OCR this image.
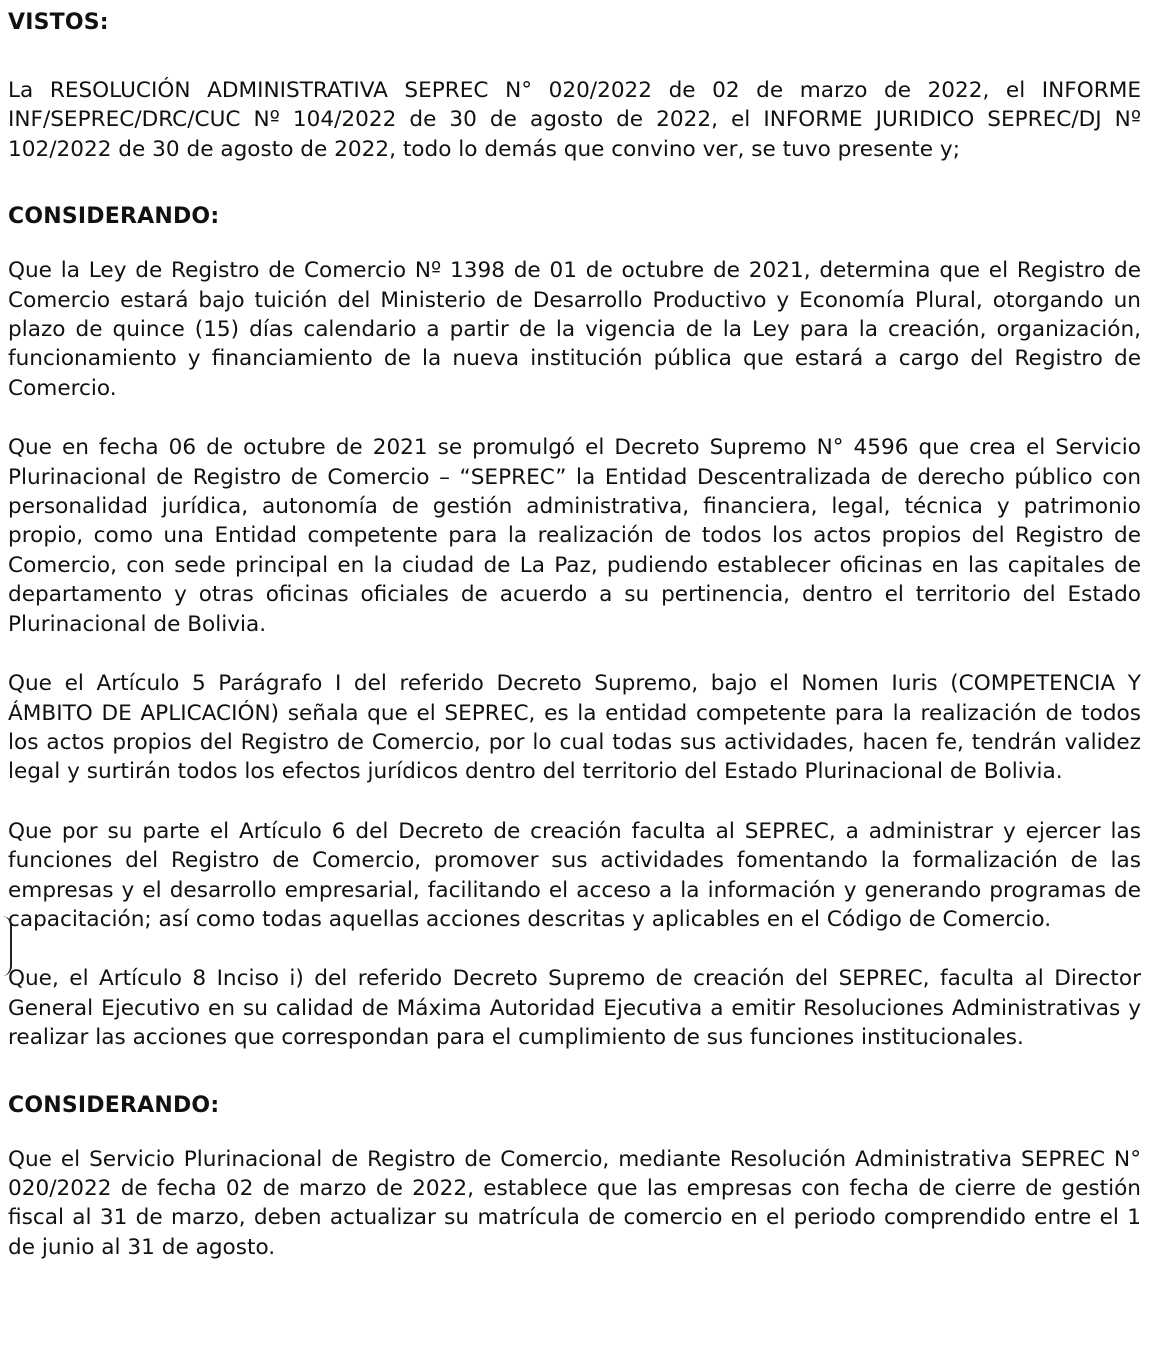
VISTOS:

La RESOLUCIÓN ADMINISTRATIVA SEPREC N° 020/2022 de 02 de marzo de 2022, el INFORME INF/SEPREC/DRC/CUC Nº 104/2022 de 30 de agosto de 2022, el INFORME JURIDICO SEPREC/DJ Nº 102/2022 de 30 de agosto de 2022, todo lo demás que convino ver, se tuvo presente y;

CONSIDERANDO:

Que la Ley de Registro de Comercio Nº 1398 de 01 de octubre de 2021, determina que el Registro de Comercio estará bajo tuición del Ministerio de Desarrollo Productivo y Economía Plural, otorgando un plazo de quince (15) días calendario a partir de la vigencia de la Ley para la creación, organización, funcionamiento y financiamiento de la nueva institución pública que estará a cargo del Registro de Comercio.

Que en fecha 06 de octubre de 2021 se promulgó el Decreto Supremo N° 4596 que crea el Servicio Plurinacional de Registro de Comercio – “SEPREC” la Entidad Descentralizada de derecho público con personalidad jurídica, autonomía de gestión administrativa, financiera, legal, técnica y patrimonio propio, como una Entidad competente para la realización de todos los actos propios del Registro de Comercio, con sede principal en la ciudad de La Paz, pudiendo establecer oficinas en las capitales de departamento y otras oficinas oficiales de acuerdo a su pertinencia, dentro el territorio del Estado Plurinacional de Bolivia.

Que el Artículo 5 Parágrafo I del referido Decreto Supremo, bajo el Nomen Iuris (COMPETENCIA Y ÁMBITO DE APLICACIÓN) señala que el SEPREC, es la entidad competente para la realización de todos los actos propios del Registro de Comercio, por lo cual todas sus actividades, hacen fe, tendrán validez legal y surtirán todos los efectos jurídicos dentro del territorio del Estado Plurinacional de Bolivia.

Que por su parte el Artículo 6 del Decreto de creación faculta al SEPREC, a administrar y ejercer las funciones del Registro de Comercio, promover sus actividades fomentando la formalización de las empresas y el desarrollo empresarial, facilitando el acceso a la información y generando programas de capacitación; así como todas aquellas acciones descritas y aplicables en el Código de Comercio.

Que, el Artículo 8 Inciso i) del referido Decreto Supremo de creación del SEPREC, faculta al Director General Ejecutivo en su calidad de Máxima Autoridad Ejecutiva a emitir Resoluciones Administrativas y realizar las acciones que correspondan para el cumplimiento de sus funciones institucionales.

CONSIDERANDO:

Que el Servicio Plurinacional de Registro de Comercio, mediante Resolución Administrativa SEPREC N° 020/2022 de fecha 02 de marzo de 2022, establece que las empresas con fecha de cierre de gestión fiscal al 31 de marzo, deben actualizar su matrícula de comercio en el periodo comprendido entre el 1 de junio al 31 de agosto.
